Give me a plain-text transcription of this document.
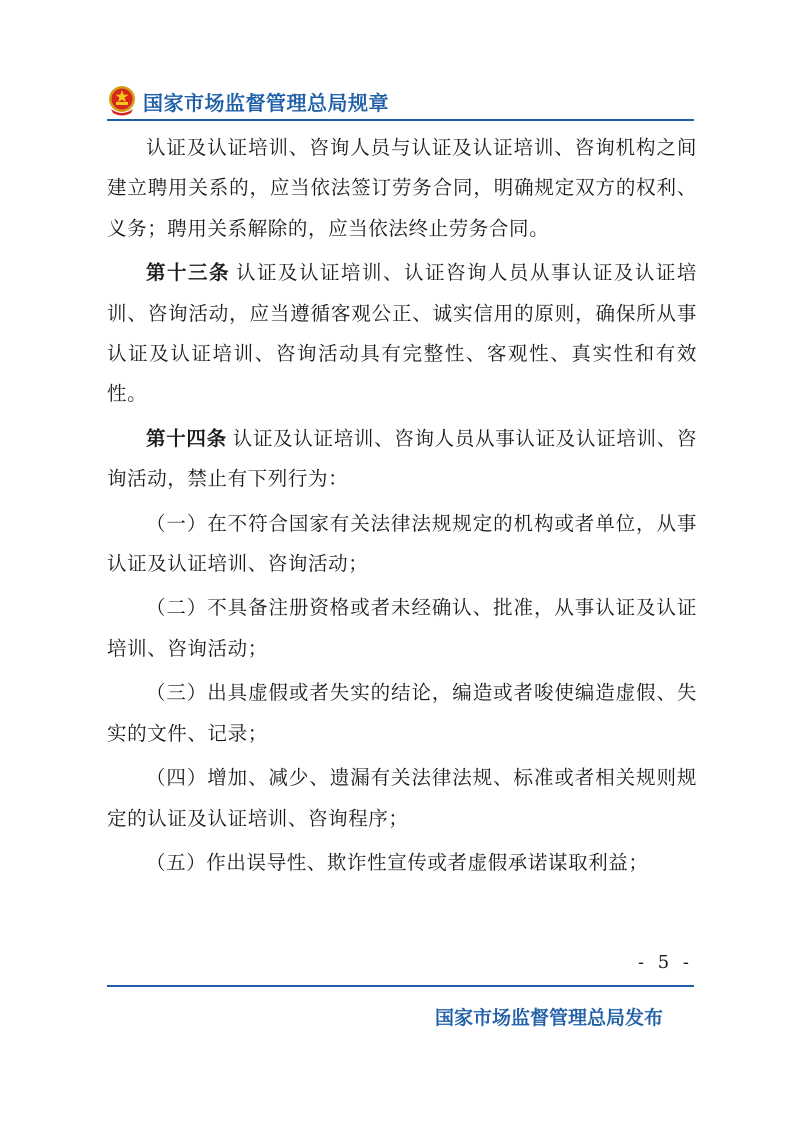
国家市场监督管理总局规章

认证及认证培训、咨询人员与认证及认证培训、咨询机构之间建立聘用关系的，应当依法签订劳务合同，明确规定双方的权利、义务；聘用关系解除的，应当依法终止劳务合同。

第十三条 认证及认证培训、认证咨询人员从事认证及认证培训、咨询活动，应当遵循客观公正、诚实信用的原则，确保所从事认证及认证培训、咨询活动具有完整性、客观性、真实性和有效性。

第十四条 认证及认证培训、咨询人员从事认证及认证培训、咨询活动，禁止有下列行为：

（一）在不符合国家有关法律法规规定的机构或者单位，从事认证及认证培训、咨询活动；

（二）不具备注册资格或者未经确认、批准，从事认证及认证培训、咨询活动；

（三）出具虚假或者失实的结论，编造或者唆使编造虚假、失实的文件、记录；

（四）增加、减少、遗漏有关法律法规、标准或者相关规则规定的认证及认证培训、咨询程序；

（五）作出误导性、欺诈性宣传或者虚假承诺谋取利益；

- 5 -
国家市场监督管理总局发布
